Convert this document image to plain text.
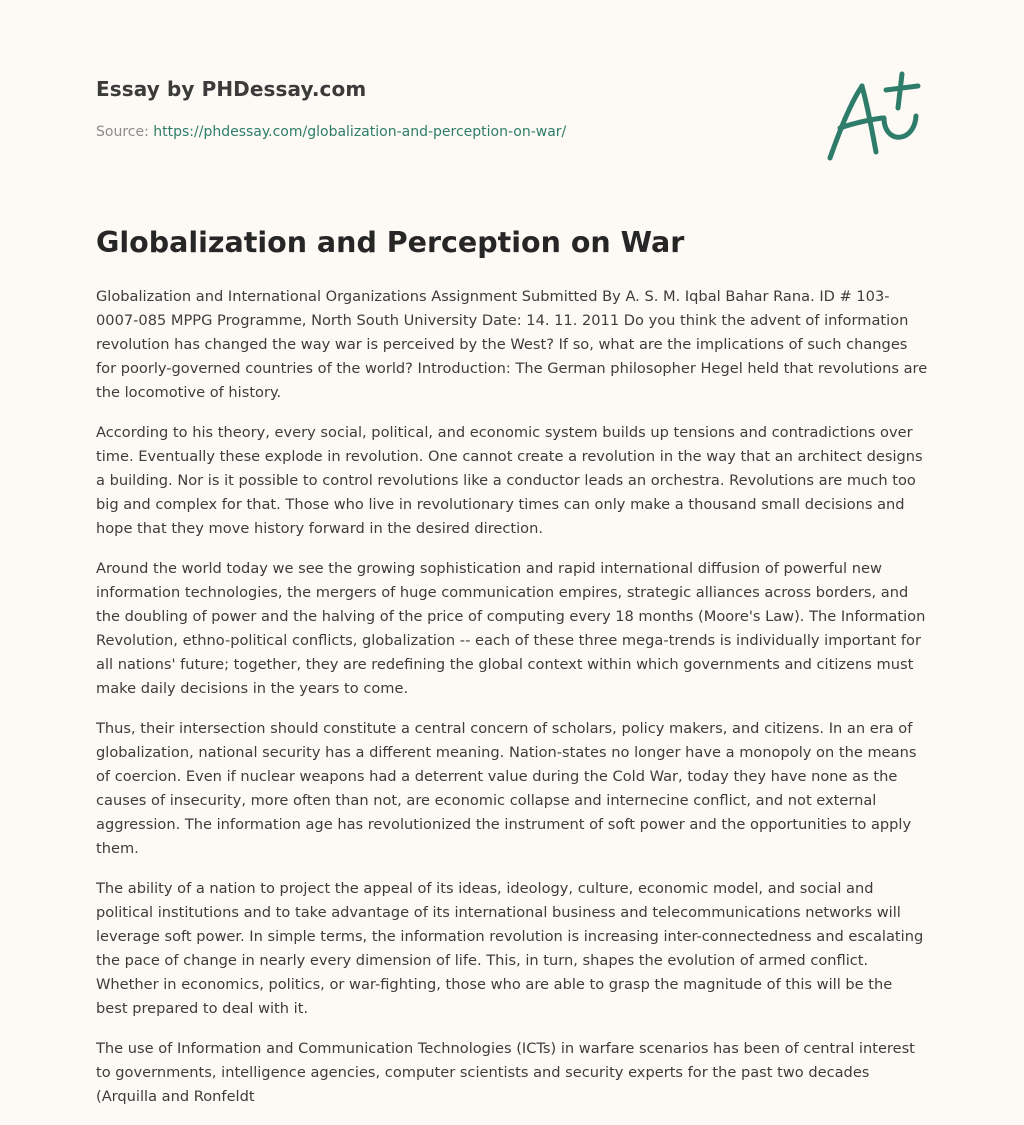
Essay by PHDessay.com
Source: https://phdessay.com/globalization-and-perception-on-war/
Globalization and Perception on War

Globalization and International Organizations Assignment Submitted By A. S. M. Iqbal Bahar Rana. ID # 103-0007-085 MPPG Programme, North South University Date: 14. 11. 2011 Do you think the advent of information revolution has changed the way war is perceived by the West? If so, what are the implications of such changes for poorly-governed countries of the world? Introduction: The German philosopher Hegel held that revolutions are the locomotive of history.

According to his theory, every social, political, and economic system builds up tensions and contradictions over time. Eventually these explode in revolution. One cannot create a revolution in the way that an architect designs a building. Nor is it possible to control revolutions like a conductor leads an orchestra. Revolutions are much too big and complex for that. Those who live in revolutionary times can only make a thousand small decisions and hope that they move history forward in the desired direction.

Around the world today we see the growing sophistication and rapid international diffusion of powerful new information technologies, the mergers of huge communication empires, strategic alliances across borders, and the doubling of power and the halving of the price of computing every 18 months (Moore's Law). The Information Revolution, ethno-political conflicts, globalization -- each of these three mega-trends is individually important for all nations' future; together, they are redefining the global context within which governments and citizens must make daily decisions in the years to come.

Thus, their intersection should constitute a central concern of scholars, policy makers, and citizens. In an era of globalization, national security has a different meaning. Nation-states no longer have a monopoly on the means of coercion. Even if nuclear weapons had a deterrent value during the Cold War, today they have none as the causes of insecurity, more often than not, are economic collapse and internecine conflict, and not external aggression. The information age has revolutionized the instrument of soft power and the opportunities to apply them.

The ability of a nation to project the appeal of its ideas, ideology, culture, economic model, and social and political institutions and to take advantage of its international business and telecommunications networks will leverage soft power. In simple terms, the information revolution is increasing inter-connectedness and escalating the pace of change in nearly every dimension of life. This, in turn, shapes the evolution of armed conflict. Whether in economics, politics, or war-fighting, those who are able to grasp the magnitude of this will be the best prepared to deal with it.

The use of Information and Communication Technologies (ICTs) in warfare scenarios has been of central interest to governments, intelligence agencies, computer scientists and security experts for the past two decades (Arquilla and Ronfeldt
